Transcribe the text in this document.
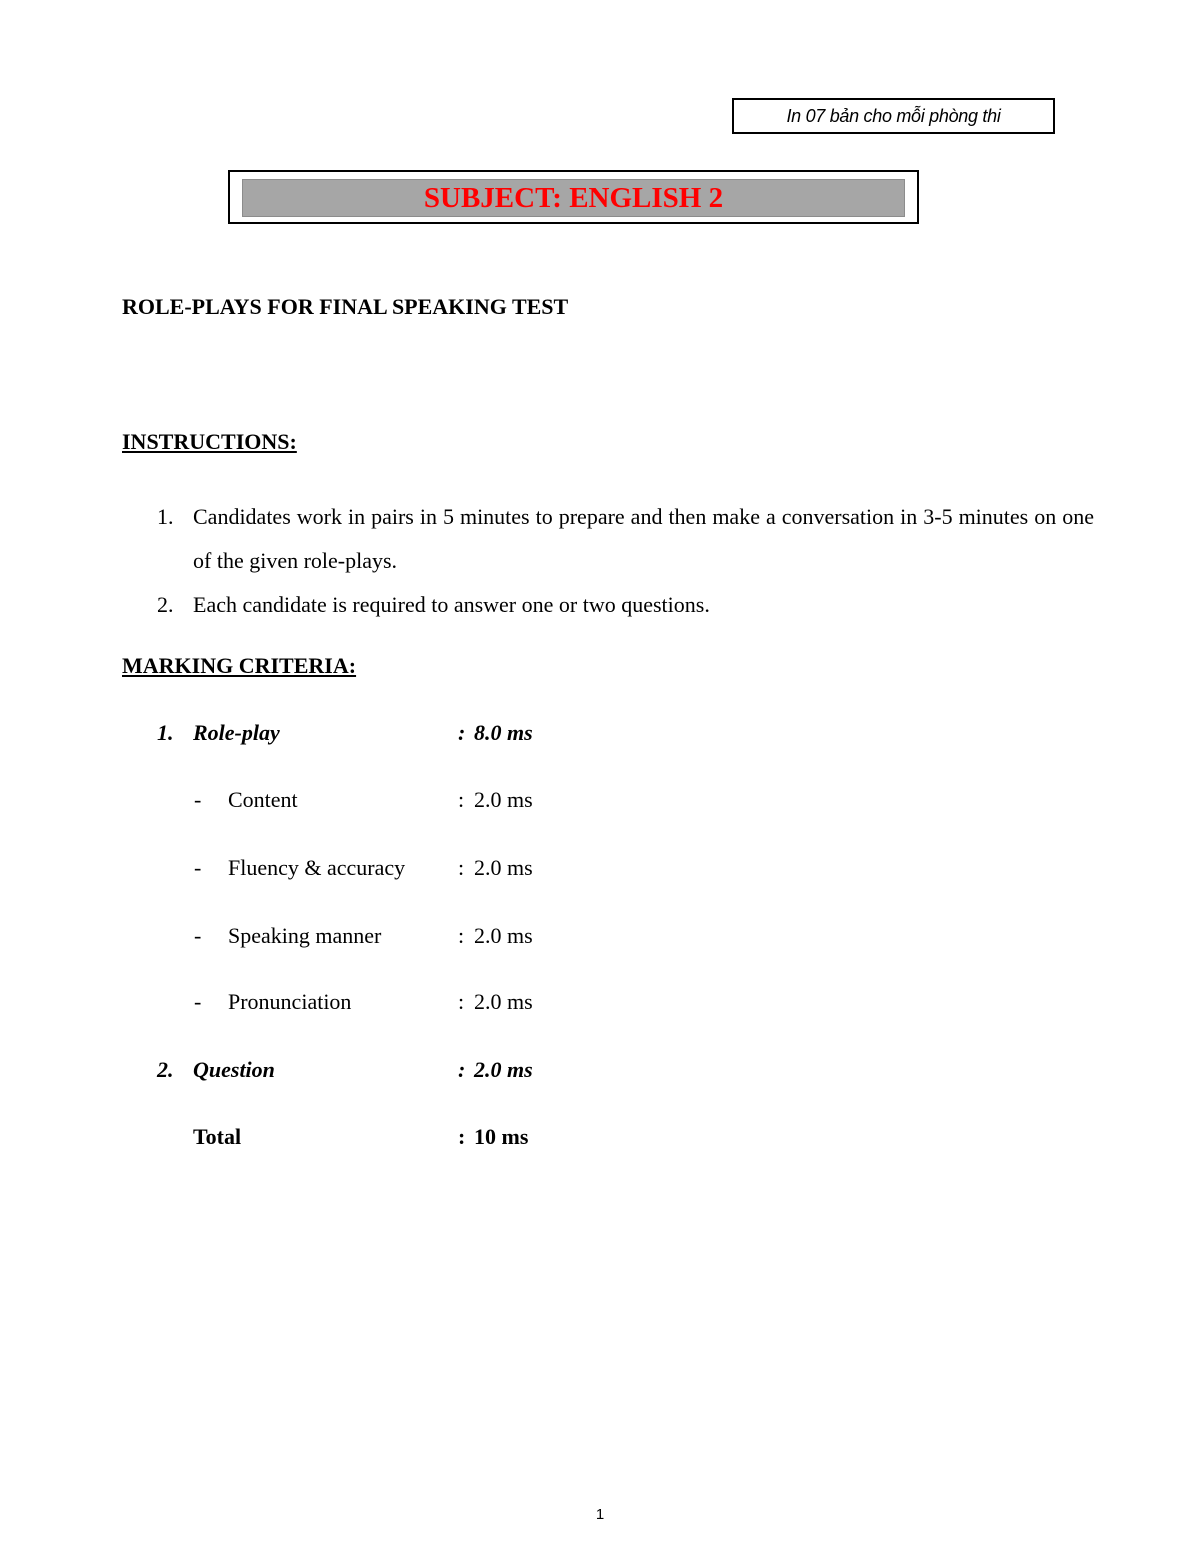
In 07 bản cho mỗi phòng thi
SUBJECT: ENGLISH 2
ROLE-PLAYS FOR FINAL SPEAKING TEST
INSTRUCTIONS:
1. Candidates work in pairs in 5 minutes to prepare and then make a conversation in 3-5 minutes on one of the given role-plays.
2. Each candidate is required to answer one or two questions.
MARKING CRITERIA:
1. Role-play	: 8.0 ms
- Content	: 2.0 ms
- Fluency & accuracy : 2.0 ms
- Speaking manner	: 2.0 ms
- Pronunciation	: 2.0 ms
2. Question	: 2.0 ms
Total	: 10 ms
1
